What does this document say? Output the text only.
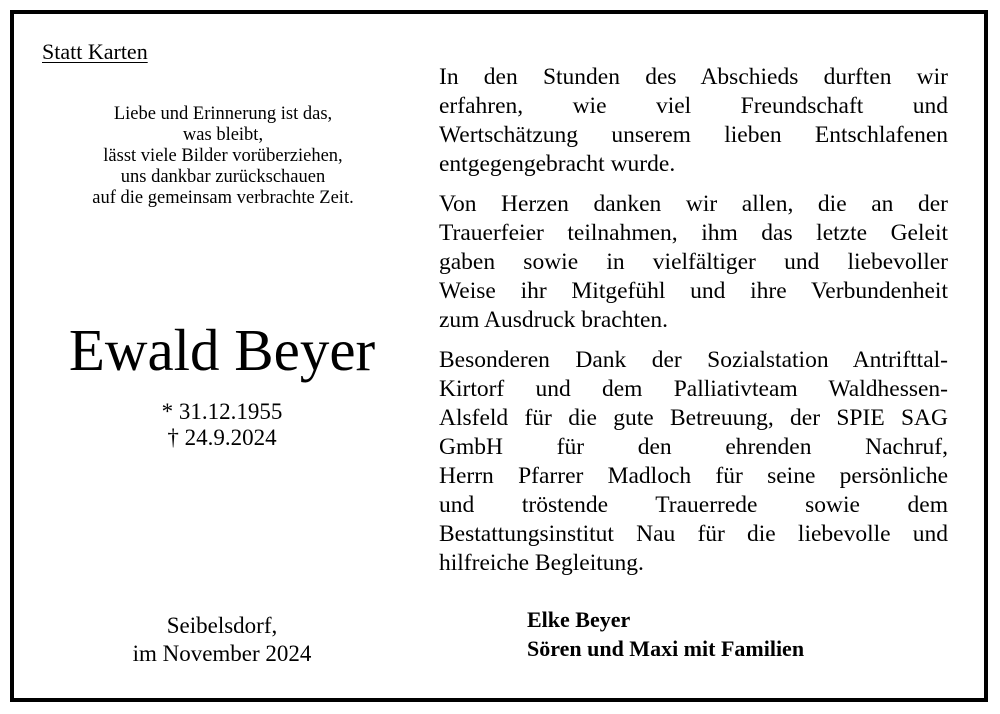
Statt Karten
Liebe und Erinnerung ist das,
was bleibt,
lässt viele Bilder vorüberziehen,
uns dankbar zurückschauen
auf die gemeinsam verbrachte Zeit.
Ewald Beyer
* 31.12.1955
† 24.9.2024
Seibelsdorf,
im November 2024

In den Stunden des Abschieds durften wir
erfahren, wie viel Freundschaft und
Wertschätzung unserem lieben Entschlafenen
entgegengebracht wurde.

Von Herzen danken wir allen, die an der
Trauerfeier teilnahmen, ihm das letzte Geleit
gaben sowie in vielfältiger und liebevoller
Weise ihr Mitgefühl und ihre Verbundenheit
zum Ausdruck brachten.

Besonderen Dank der Sozialstation Antrifttal-
Kirtorf und dem Palliativteam Waldhessen-
Alsfeld für die gute Betreuung, der SPIE SAG
GmbH für den ehrenden Nachruf,
Herrn Pfarrer Madloch für seine persönliche
und tröstende Trauerrede sowie dem
Bestattungsinstitut Nau für die liebevolle und
hilfreiche Begleitung.

Elke Beyer
Sören und Maxi mit Familien
